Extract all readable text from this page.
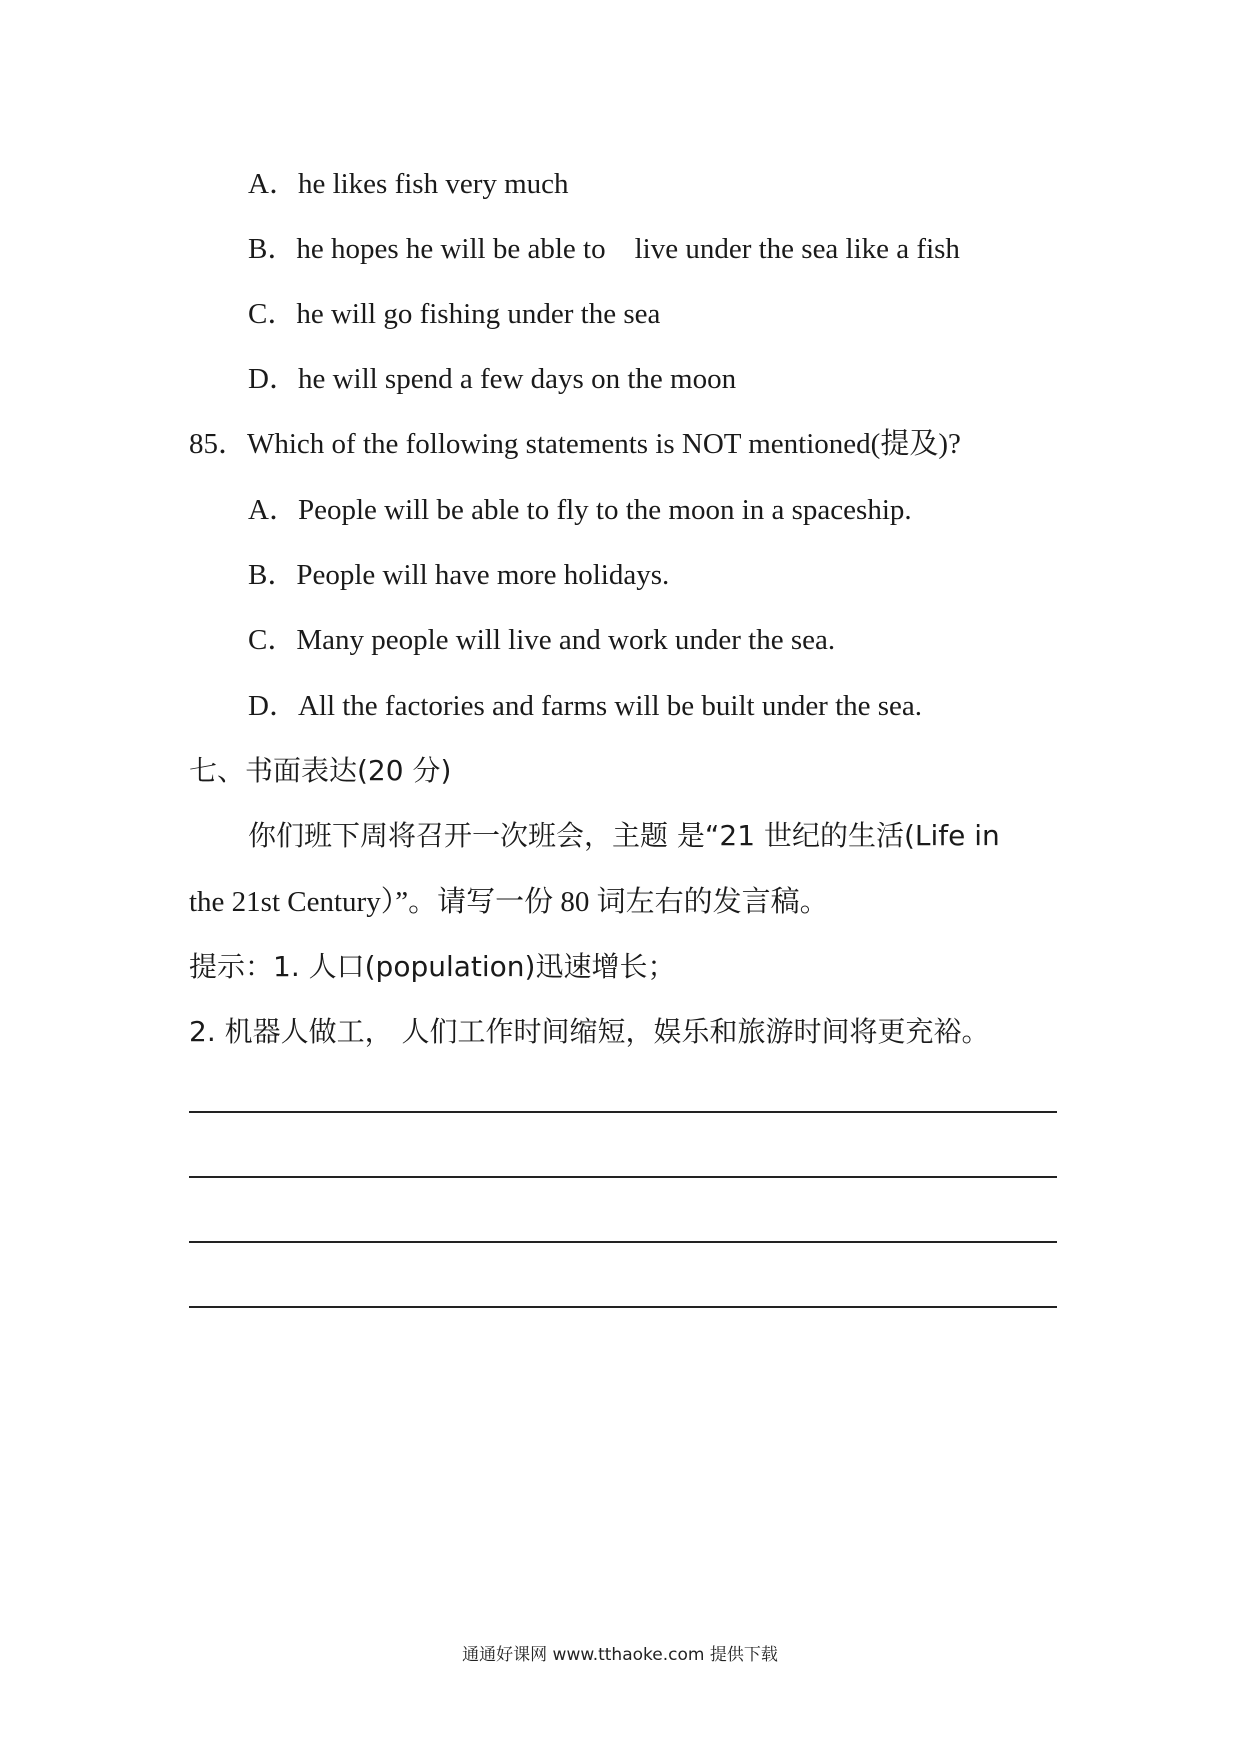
A．he likes fish very much
B．he hopes he will be able to　live under the sea like a fish
C．he will go fishing under the sea
D．he will spend a few days on the moon
85．Which of the following statements is NOT mentioned(提及)?
A．People will be able to fly to the moon in a spaceship.
B．People will have more holidays.
C．Many people will live and work under the sea.
D．All the factories and farms will be built under the sea.
七、书面表达(20 分)
你们班下周将召开一次班会，主题 是“21 世纪的生活(Life in
the 21st Century）”。请写一份 80 词左右的发言稿。
提示：1. 人口(population)迅速增长；
2. 机器人做工， 人们工作时间缩短，娱乐和旅游时间将更充裕。
通通好课网 www.tthaoke.com 提供下载
